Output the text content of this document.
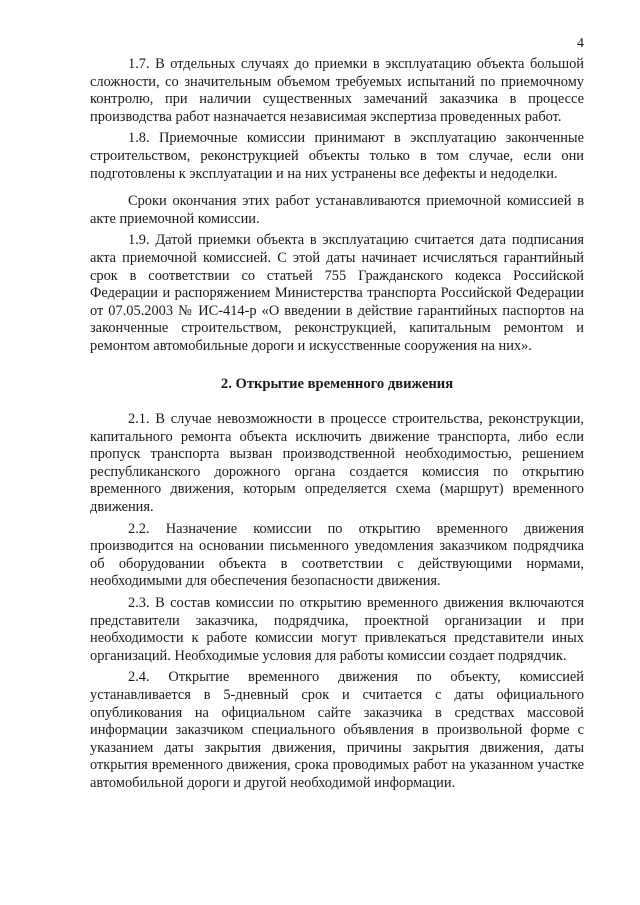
4

1.7. В отдельных случаях до приемки в эксплуатацию объекта большой сложности, со значительным объемом требуемых испытаний по приемочному контролю, при наличии существенных замечаний заказчика в процессе производства работ назначается независимая экспертиза проведенных работ.

1.8. Приемочные комиссии принимают в эксплуатацию законченные строительством, реконструкцией объекты только в том случае, если они подготовлены к эксплуатации и на них устранены все дефекты и недоделки.

Сроки окончания этих работ устанавливаются приемочной комиссией в акте приемочной комиссии.

1.9. Датой приемки объекта в эксплуатацию считается дата подписания акта приемочной комиссией. С этой даты начинает исчисляться гарантийный срок в соответствии со статьей 755 Гражданского кодекса Российской Федерации и распоряжением Министерства транспорта Российской Федерации от 07.05.2003 № ИС-414-р «О введении в действие гарантийных паспортов на законченные строительством, реконструкцией, капитальным ремонтом и ремонтом автомобильные дороги и искусственные сооружения на них».

2. Открытие временного движения

2.1. В случае невозможности в процессе строительства, реконструкции, капитального ремонта объекта исключить движение транспорта, либо если пропуск транспорта вызван производственной необходимостью, решением республиканского дорожного органа создается комиссия по открытию временного движения, которым определяется схема (маршрут) временного движения.

2.2. Назначение комиссии по открытию временного движения производится на основании письменного уведомления заказчиком подрядчика об оборудовании объекта в соответствии с действующими нормами, необходимыми для обеспечения безопасности движения.

2.3. В состав комиссии по открытию временного движения включаются представители заказчика, подрядчика, проектной организации и при необходимости к работе комиссии могут привлекаться представители иных организаций. Необходимые условия для работы комиссии создает подрядчик.

2.4. Открытие временного движения по объекту, комиссией устанавливается в 5-дневный срок и считается с даты официального опубликования на официальном сайте заказчика в средствах массовой информации заказчиком специального объявления в произвольной форме с указанием даты закрытия движения, причины закрытия движения, даты открытия временного движения, срока проводимых работ на указанном участке автомобильной дороги и другой необходимой информации.
